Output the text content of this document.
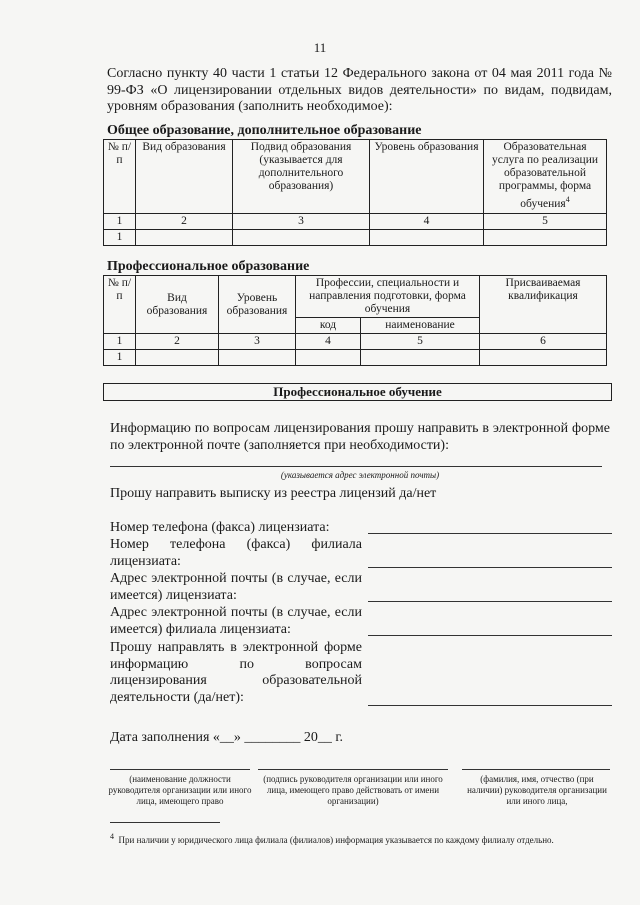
11
Согласно пункту 40 части 1 статьи 12 Федерального закона от 04 мая 2011 года № 99-ФЗ «О лицензировании отдельных видов деятельности» по видам, подвидам, уровням образования (заполнить необходимое):
Общее образование, дополнительное образование
№ п/п	Вид образования	Подвид образования (указывается для дополнительного образования)	Уровень образования	Образовательная услуга по реализации образовательной программы, форма обучения$^4$
1	2	3	4	5
1				
Профессиональное образование
№ п/п	Вид образования	Уровень образования	Профессии, специальности и направления подготовки, форма обучения		Присваиваемая квалификация
			код	наименование	
1	2	3	4	5	6
1					
Профессиональное обучение
Информацию по вопросам лицензирования прошу направить в электронной форме по электронной почте (заполняется при необходимости):
(указывается адрес электронной почты)
Прошу направить выписку из реестра лицензий да/нет
Номер телефона (факса) лицензиата:
Номер телефона (факса) филиала лицензиата:
Адрес электронной почты (в случае, если имеется) лицензиата:
Адрес электронной почты (в случае, если имеется) филиала лицензиата:
Прошу направлять в электронной форме информацию по вопросам лицензирования образовательной деятельности (да/нет):
Дата заполнения «__» ________ 20__ г.
(наименование должности руководителя организации или иного лица, имеющего право
(подпись руководителя организации или иного лица, имеющего право действовать от имени организации)
(фамилия, имя, отчество (при наличии) руководителя организации или иного лица,
$^4$ При наличии у юридического лица филиала (филиалов) информация указывается по каждому филиалу отдельно.
